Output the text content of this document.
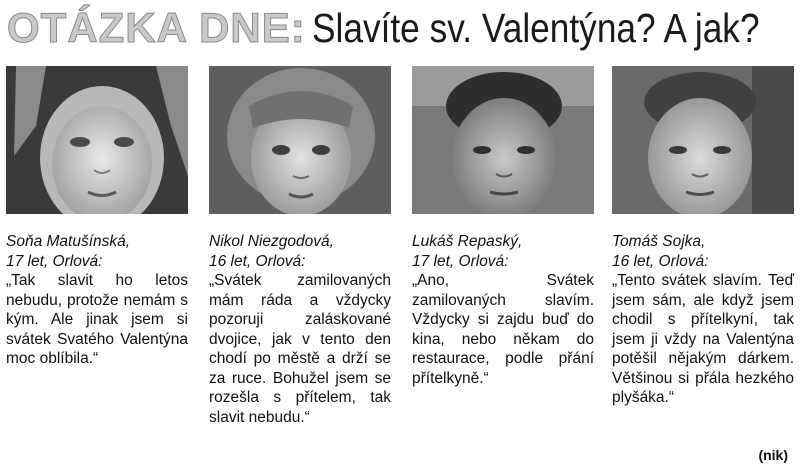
OTÁZKA DNE: Slavíte sv. Valentýna? A jak?
Soňa Matušínská,
17 let, Orlová:
„Tak slavit ho letos nebudu, protože nemám s kým. Ale jinak jsem si svátek Svatého Valentýna moc oblíbila.“
Nikol Niezgodová,
16 let, Orlová:
„Svátek zamilovaných mám ráda a vždycky pozoruji zaláskované dvojice, jak v tento den chodí po městě a drží se za ruce. Bohužel jsem se rozešla s přítelem, tak slavit nebudu.“
Lukáš Repaský,
17 let, Orlová:
„Ano, Svátek zamilovaných slavím. Vždycky si zajdu buď do kina, nebo někam do restaurace, podle přání přítelkyně.“
Tomáš Sojka,
16 let, Orlová:
„Tento svátek slavím. Teď jsem sám, ale když jsem chodil s přítelkyní, tak jsem ji vždy na Valentýna potěšil nějakým dárkem. Většinou si přála hezkého plyšáka.“
(nik)
